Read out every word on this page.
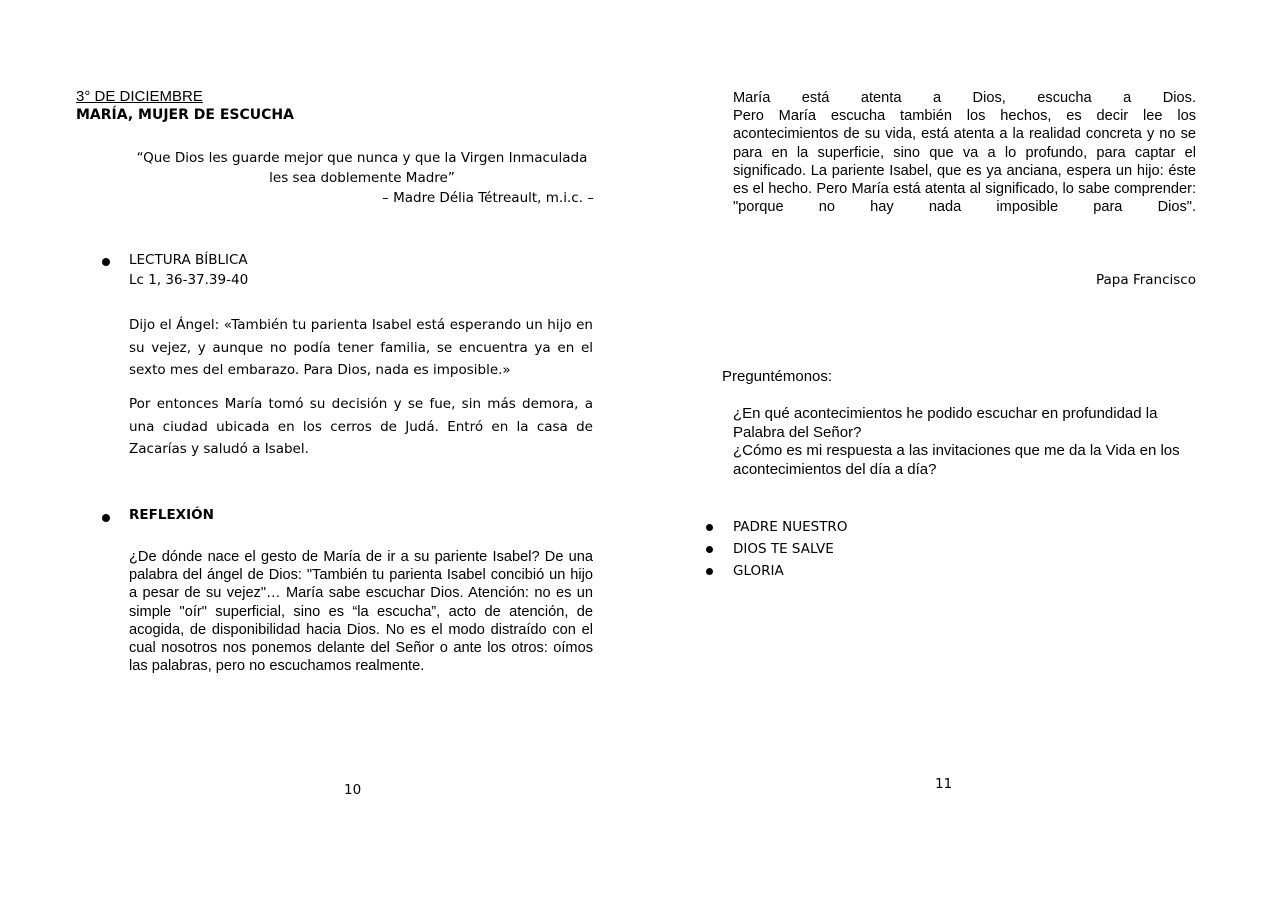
3° DE DICIEMBRE
MARÍA, MUJER DE ESCUCHA
“Que Dios les guarde mejor que nunca y que la Virgen Inmaculada
les sea doblemente Madre”
– Madre Délia Tétreault, m.i.c. –
LECTURA BÍBLICA
Lc 1, 36-37.39-40
Dijo el Ángel: «También tu parienta Isabel está esperando un hijo en su vejez, y aunque no podía tener familia, se encuentra ya en el sexto mes del embarazo. Para Dios, nada es imposible.»
Por entonces María tomó su decisión y se fue, sin más demora, a una ciudad ubicada en los cerros de Judá. Entró en la casa de Zacarías y saludó a Isabel.
REFLEXIÓN
¿De dónde nace el gesto de María de ir a su pariente Isabel? De una palabra del ángel de Dios: "También tu parienta Isabel concibió un hijo a pesar de su vejez"… María sabe escuchar Dios. Atención: no es un simple "oír" superficial, sino es “la escucha”, acto de atención, de acogida, de disponibilidad hacia Dios. No es el modo distraído con el cual nosotros nos ponemos delante del Señor o ante los otros: oímos las palabras, pero no escuchamos realmente.
10
María está atenta a Dios, escucha a Dios.
Pero María escucha también los hechos, es decir lee los acontecimientos de su vida, está atenta a la realidad concreta y no se para en la superficie, sino que va a lo profundo, para captar el significado. La pariente Isabel, que es ya anciana, espera un hijo: éste es el hecho. Pero María está atenta al significado, lo sabe comprender: "porque no hay nada imposible para Dios".
Papa Francisco
Preguntémonos:
¿En qué acontecimientos he podido escuchar en profundidad la Palabra del Señor?
¿Cómo es mi respuesta a las invitaciones que me da la Vida en los acontecimientos del día a día?
PADRE NUESTRO
DIOS TE SALVE
GLORIA
11
